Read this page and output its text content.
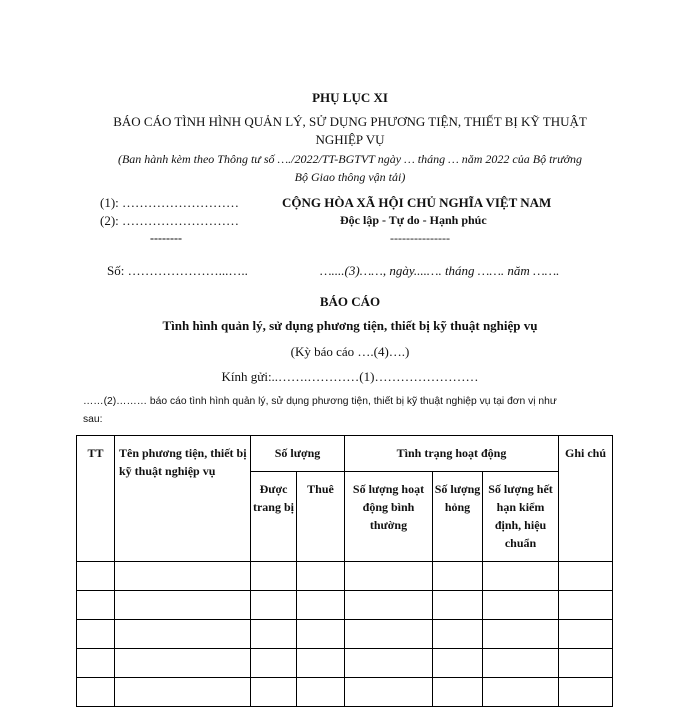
PHỤ LỤC XI
BÁO CÁO TÌNH HÌNH QUẢN LÝ, SỬ DỤNG PHƯƠNG TIỆN, THIẾT BỊ KỸ THUẬT
NGHIỆP VỤ
(Ban hành kèm theo Thông tư số …./2022/TT-BGTVT ngày … tháng … năm 2022 của Bộ trưởng
Bộ Giao thông vận tải)
(1): ………………………
(2): ………………………
--------
CỘNG HÒA XÃ HỘI CHỦ NGHĨA VIỆT NAM
Độc lập - Tự do - Hạnh phúc
---------------
Số: …………………...…..	…....(3)……, ngày....…. tháng ……. năm …….
BÁO CÁO
Tình hình quản lý, sử dụng phương tiện, thiết bị kỹ thuật nghiệp vụ
(Kỳ báo cáo ….(4)….)
Kính gửi:..…….…………(1)……………………
……(2)……… báo cáo tình hình quản lý, sử dụng phương tiện, thiết bị kỹ thuật nghiệp vụ tại đơn vị như
sau:
TT	Tên phương tiện, thiết bị kỹ thuật nghiệp vụ	Số lượng		Tình trạng hoạt động			Ghi chú
		Được trang bị	Thuê	Số lượng hoạt động bình thường	Số lượng hỏng	Số lượng hết hạn kiểm định, hiệu chuẩn	
